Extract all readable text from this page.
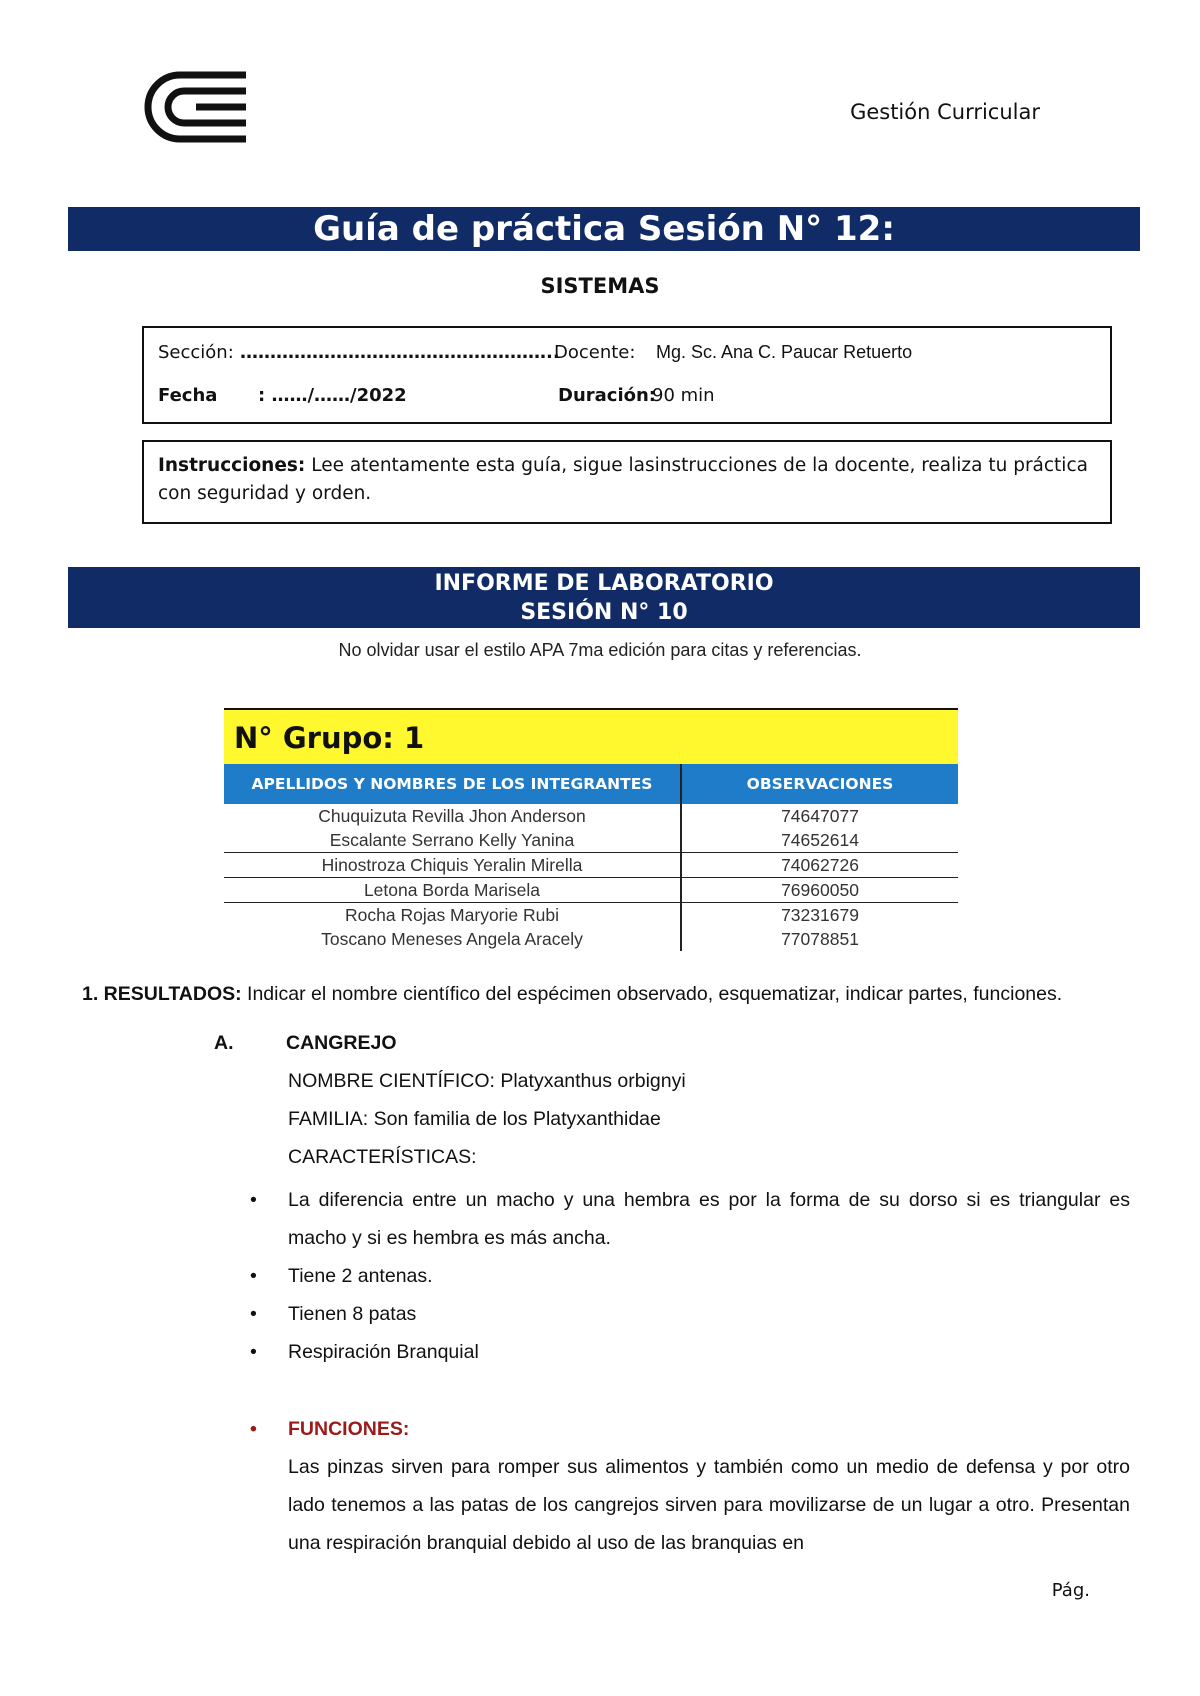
Gestión Curricular
Guía de práctica Sesión N° 12:
SISTEMAS
Sección: ……………………………………………..
Docente: Mg. Sc. Ana C. Paucar Retuerto
Fecha : ……/……/2022	Duración:
90 min
Instrucciones: Lee atentamente esta guía, sigue lasinstrucciones de la docente, realiza tu práctica con seguridad y orden.
INFORME DE LABORATORIO
SESIÓN N° 10
No olvidar usar el estilo APA 7ma edición para citas y referencias.
N° Grupo: 1
APELLIDOS Y NOMBRES DE LOS INTEGRANTES	OBSERVACIONES
Chuquizuta Revilla Jhon Anderson	74647077
Escalante Serrano Kelly Yanina	74652614
Hinostroza Chiquis Yeralin Mirella	74062726
Letona Borda Marisela	76960050
Rocha Rojas Maryorie Rubi	73231679
Toscano Meneses Angela Aracely	77078851
1. RESULTADOS: Indicar el nombre científico del espécimen observado, esquematizar, indicar partes, funciones.
A.	CANGREJO
NOMBRE CIENTÍFICO: Platyxanthus orbignyi
FAMILIA: Son familia de los Platyxanthidae
CARACTERÍSTICAS:
• La diferencia entre un macho y una hembra es por la forma de su dorso si es triangular es macho y si es hembra es más ancha.
• Tiene 2 antenas.
• Tienen 8 patas
• Respiración Branquial
• FUNCIONES:
Las pinzas sirven para romper sus alimentos y también como un medio de defensa y por otro lado tenemos a las patas de los cangrejos sirven para movilizarse de un lugar a otro. Presentan una respiración branquial debido al uso de las branquias en
Pág.
